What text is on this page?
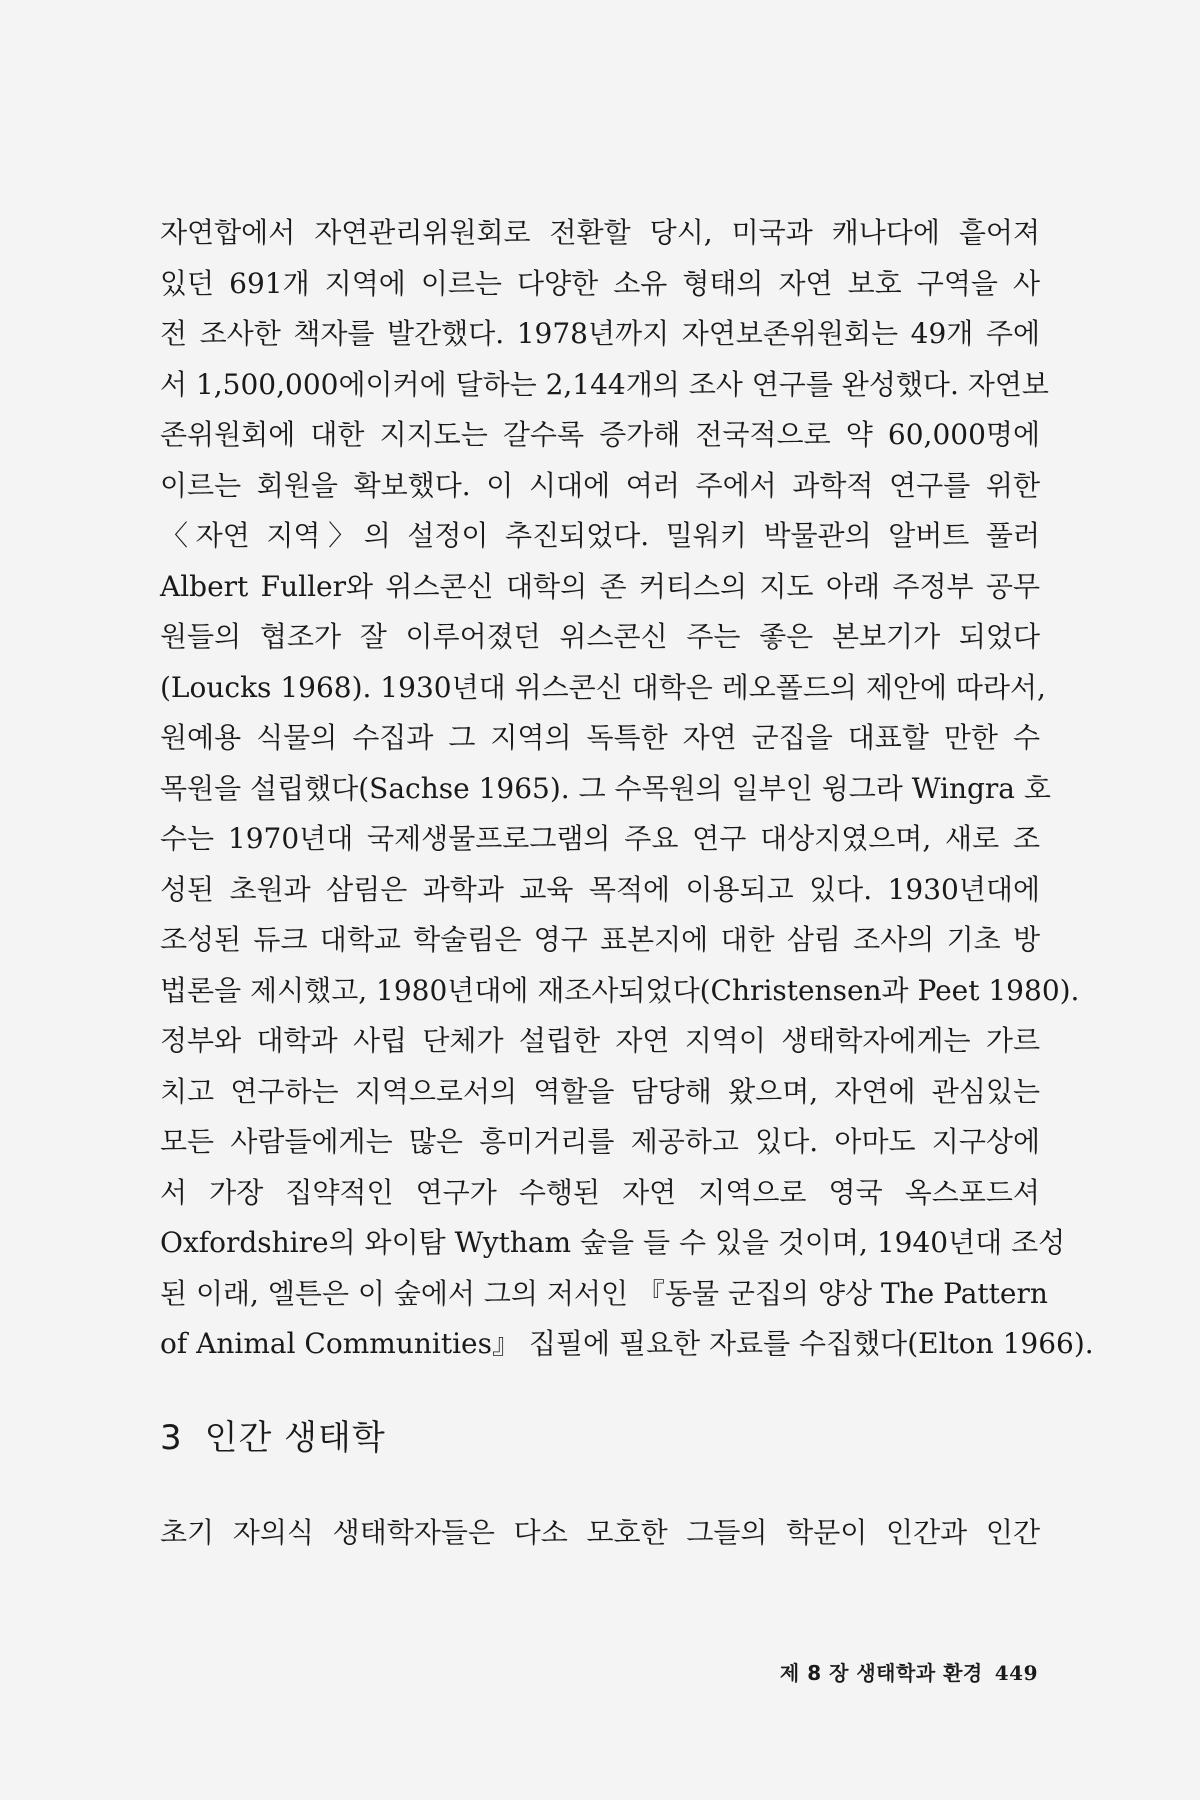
자연합에서 자연관리위원회로 전환할 당시, 미국과 캐나다에 흩어져
있던 691개 지역에 이르는 다양한 소유 형태의 자연 보호 구역을 사
전 조사한 책자를 발간했다. 1978년까지 자연보존위원회는 49개 주에
서 1,500,000에이커에 달하는 2,144개의 조사 연구를 완성했다. 자연보
존위원회에 대한 지지도는 갈수록 증가해 전국적으로 약 60,000명에
이르는 회원을 확보했다. 이 시대에 여러 주에서 과학적 연구를 위한
〈자연 지역〉의 설정이 추진되었다. 밀워키 박물관의 알버트 풀러
Albert Fuller와 위스콘신 대학의 존 커티스의 지도 아래 주정부 공무
원들의 협조가 잘 이루어졌던 위스콘신 주는 좋은 본보기가 되었다
(Loucks 1968). 1930년대 위스콘신 대학은 레오폴드의 제안에 따라서,
원예용 식물의 수집과 그 지역의 독특한 자연 군집을 대표할 만한 수
목원을 설립했다(Sachse 1965). 그 수목원의 일부인 윙그라 Wingra 호
수는 1970년대 국제생물프로그램의 주요 연구 대상지였으며, 새로 조
성된 초원과 삼림은 과학과 교육 목적에 이용되고 있다. 1930년대에
조성된 듀크 대학교 학술림은 영구 표본지에 대한 삼림 조사의 기초 방
법론을 제시했고, 1980년대에 재조사되었다(Christensen과 Peet 1980).
정부와 대학과 사립 단체가 설립한 자연 지역이 생태학자에게는 가르
치고 연구하는 지역으로서의 역할을 담당해 왔으며, 자연에 관심있는
모든 사람들에게는 많은 흥미거리를 제공하고 있다. 아마도 지구상에
서 가장 집약적인 연구가 수행된 자연 지역으로 영국 옥스포드셔
Oxfordshire의 와이탐 Wytham 숲을 들 수 있을 것이며, 1940년대 조성
된 이래, 엘튼은 이 숲에서 그의 저서인 『동물 군집의 양상 The Pattern
of Animal Communities』 집필에 필요한 자료를 수집했다(Elton 1966).
3 인간 생태학

초기 자의식 생태학자들은 다소 모호한 그들의 학문이 인간과 인간

제 8 장 생태학과 환경 449
